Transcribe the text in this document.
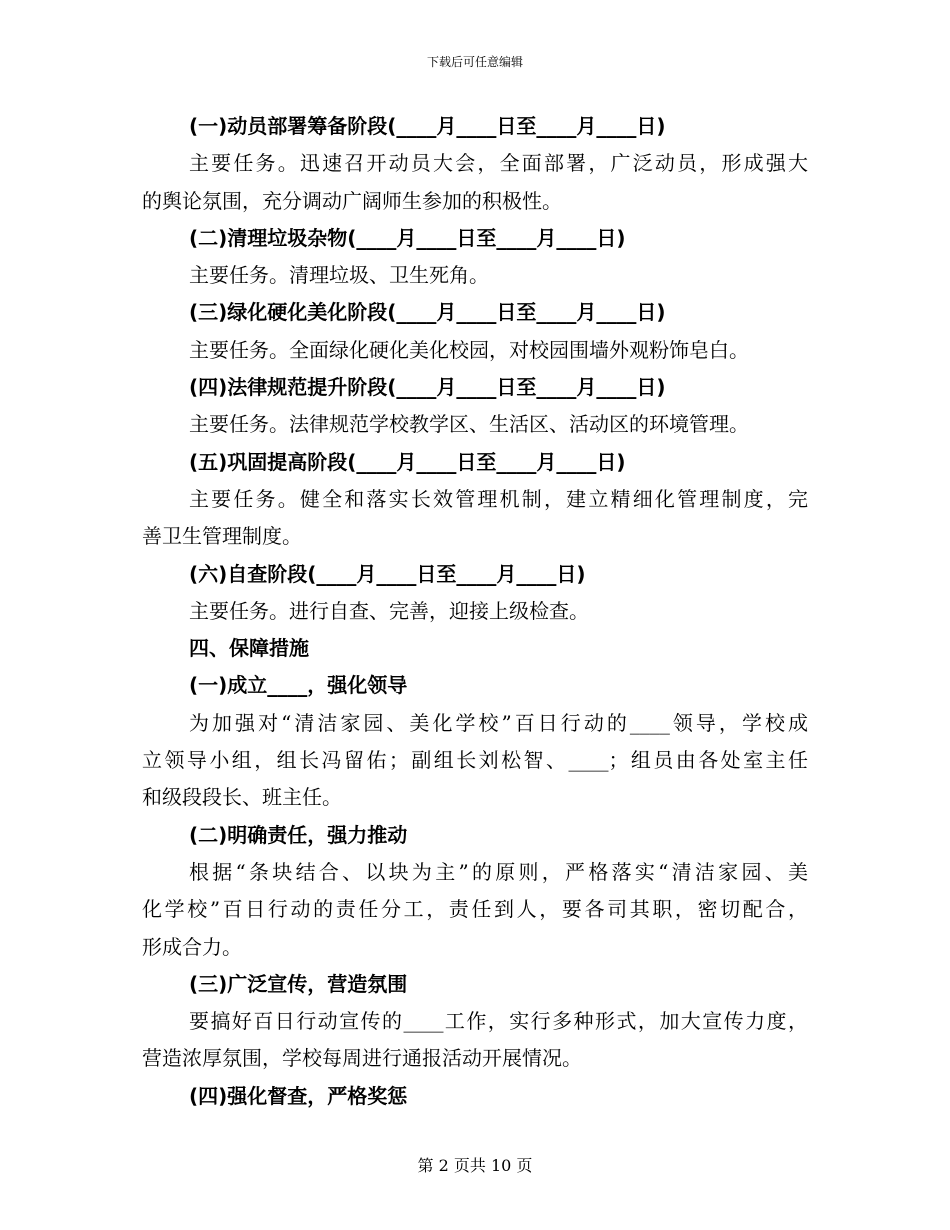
下载后可任意编辑
(一)动员部署筹备阶段(____月____日至____月____日)
主要任务。迅速召开动员大会，全面部署，广泛动员，形成强大
的舆论氛围，充分调动广阔师生参加的积极性。
(二)清理垃圾杂物(____月____日至____月____日)
主要任务。清理垃圾、卫生死角。
(三)绿化硬化美化阶段(____月____日至____月____日)
主要任务。全面绿化硬化美化校园，对校园围墙外观粉饰皂白。
(四)法律规范提升阶段(____月____日至____月____日)
主要任务。法律规范学校教学区、生活区、活动区的环境管理。
(五)巩固提高阶段(____月____日至____月____日)
主要任务。健全和落实长效管理机制，建立精细化管理制度，完
善卫生管理制度。
(六)自查阶段(____月____日至____月____日)
主要任务。进行自查、完善，迎接上级检查。
四、保障措施
(一)成立____，强化领导
为加强对“清洁家园、美化学校”百日行动的____领导，学校成
立领导小组，组长冯留佑；副组长刘松智、____；组员由各处室主任
和级段段长、班主任。
(二)明确责任，强力推动
根据“条块结合、以块为主”的原则，严格落实“清洁家园、美
化学校”百日行动的责任分工，责任到人，要各司其职，密切配合，
形成合力。
(三)广泛宣传，营造氛围
要搞好百日行动宣传的____工作，实行多种形式，加大宣传力度，
营造浓厚氛围，学校每周进行通报活动开展情况。
(四)强化督查，严格奖惩
第 2 页共 10 页
